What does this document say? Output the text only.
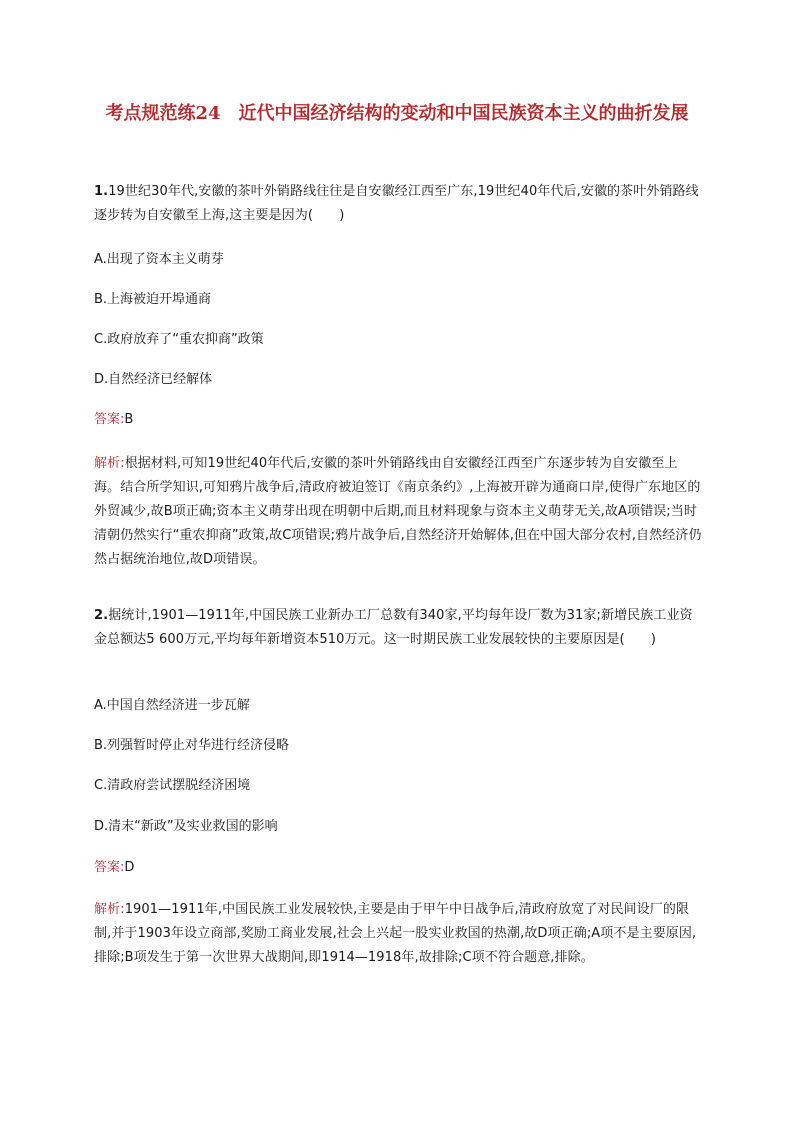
考点规范练24　近代中国经济结构的变动和中国民族资本主义的曲折发展
1.19世纪30年代,安徽的茶叶外销路线往往是自安徽经江西至广东,19世纪40年代后,安徽的茶叶外销路线逐步转为自安徽至上海,这主要是因为(　　)
A.出现了资本主义萌芽
B.上海被迫开埠通商
C.政府放弃了“重农抑商”政策
D.自然经济已经解体
答案:B
解析:根据材料,可知19世纪40年代后,安徽的茶叶外销路线由自安徽经江西至广东逐步转为自安徽至上海。结合所学知识,可知鸦片战争后,清政府被迫签订《南京条约》,上海被开辟为通商口岸,使得广东地区的外贸减少,故B项正确;资本主义萌芽出现在明朝中后期,而且材料现象与资本主义萌芽无关,故A项错误;当时清朝仍然实行“重农抑商”政策,故C项错误;鸦片战争后,自然经济开始解体,但在中国大部分农村,自然经济仍然占据统治地位,故D项错误。
2.据统计,1901—1911年,中国民族工业新办工厂总数有340家,平均每年设厂数为31家;新增民族工业资金总额达5 600万元,平均每年新增资本510万元。这一时期民族工业发展较快的主要原因是(　　)
A.中国自然经济进一步瓦解
B.列强暂时停止对华进行经济侵略
C.清政府尝试摆脱经济困境
D.清末“新政”及实业救国的影响
答案:D
解析:1901—1911年,中国民族工业发展较快,主要是由于甲午中日战争后,清政府放宽了对民间设厂的限制,并于1903年设立商部,奖励工商业发展,社会上兴起一股实业救国的热潮,故D项正确;A项不是主要原因,排除;B项发生于第一次世界大战期间,即1914—1918年,故排除;C项不符合题意,排除。
